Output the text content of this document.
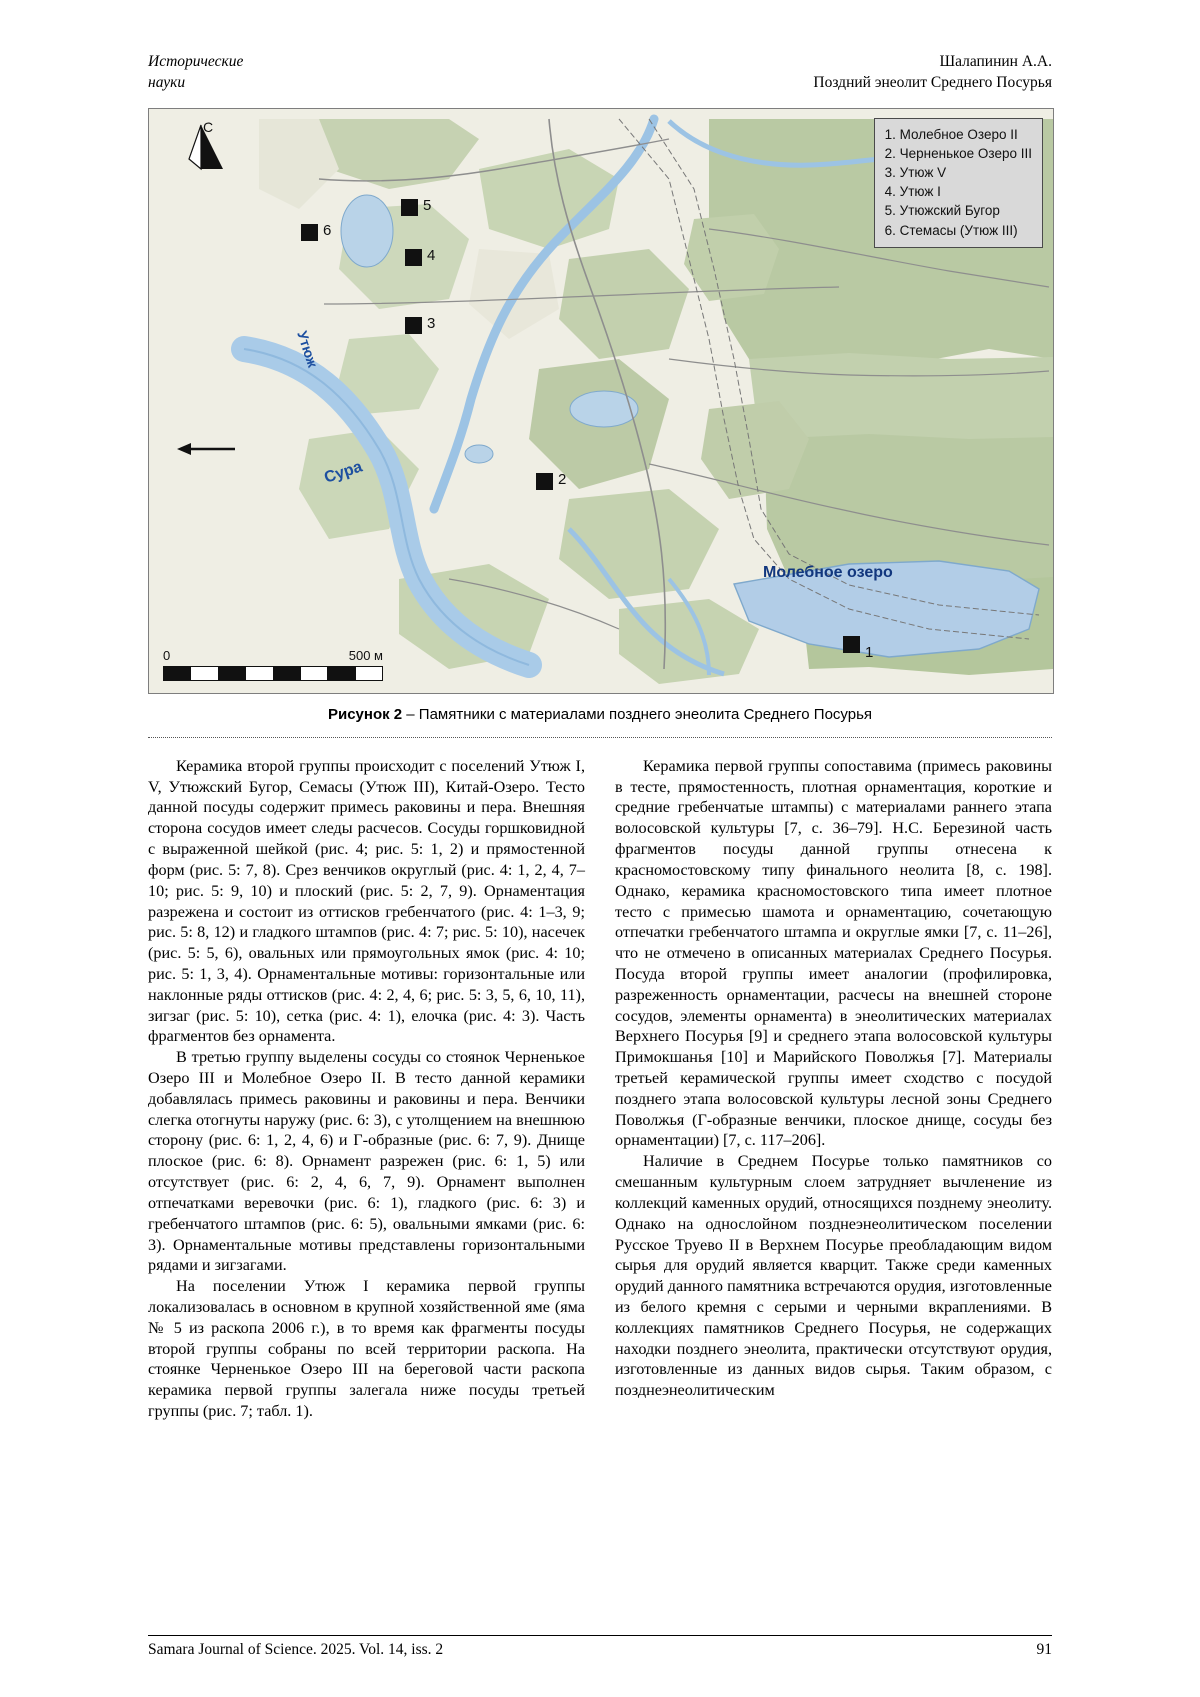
Исторические
науки
Шалапинин А.А.
Поздний энеолит Среднего Посурья
С	1. Молебное Озеро II
2. Черненькое Озеро III
3. Утюж V
4. Утюж I
5. Утюжский Бугор
6. Стемасы (Утюж III)
1
2
3
4
5
6
Утюж
Сура
Молебное озеро
0	500 м
Рисунок 2 – Памятники с материалами позднего энеолита Среднего Посурья

Керамика второй группы происходит с поселений Утюж I, V, Утюжский Бугор, Семасы (Утюж III), Китай-Озеро. Тесто данной посуды содержит примесь раковины и пера. Внешняя сторона сосудов имеет следы расчесов. Сосуды горшковидной с выраженной шейкой (рис. 4; рис. 5: 1, 2) и прямостенной форм (рис. 5: 7, 8). Срез венчиков округлый (рис. 4: 1, 2, 4, 7–10; рис. 5: 9, 10) и плоский (рис. 5: 2, 7, 9). Орнаментация разрежена и состоит из оттисков гребенчатого (рис. 4: 1–3, 9; рис. 5: 8, 12) и гладкого штампов (рис. 4: 7; рис. 5: 10), насечек (рис. 5: 5, 6), овальных или прямоугольных ямок (рис. 4: 10; рис. 5: 1, 3, 4). Орнаментальные мотивы: горизонтальные или наклонные ряды оттисков (рис. 4: 2, 4, 6; рис. 5: 3, 5, 6, 10, 11), зигзаг (рис. 5: 10), сетка (рис. 4: 1), елочка (рис. 4: 3). Часть фрагментов без орнамента.

В третью группу выделены сосуды со стоянок Черненькое Озеро III и Молебное Озеро II. В тесто данной керамики добавлялась примесь раковины и раковины и пера. Венчики слегка отогнуты наружу (рис. 6: 3), с утолщением на внешнюю сторону (рис. 6: 1, 2, 4, 6) и Г-образные (рис. 6: 7, 9). Днище плоское (рис. 6: 8). Орнамент разрежен (рис. 6: 1, 5) или отсутствует (рис. 6: 2, 4, 6, 7, 9). Орнамент выполнен отпечатками веревочки (рис. 6: 1), гладкого (рис. 6: 3) и гребенчатого штампов (рис. 6: 5), овальными ямками (рис. 6: 3). Орнаментальные мотивы представлены горизонтальными рядами и зигзагами.

На поселении Утюж I керамика первой группы локализовалась в основном в крупной хозяйственной яме (яма № 5 из раскопа 2006 г.), в то время как фрагменты посуды второй группы собраны по всей территории раскопа. На стоянке Черненькое Озеро III на береговой части раскопа керамика первой группы залегала ниже посуды третьей группы (рис. 7; табл. 1).

Керамика первой группы сопоставима (примесь раковины в тесте, прямостенность, плотная орнаментация, короткие и средние гребенчатые штампы) с материалами раннего этапа волосовской культуры [7, с. 36–79]. Н.С. Березиной часть фрагментов посуды данной группы отнесена к красномостовскому типу финального неолита [8, с. 198]. Однако, керамика красномостовского типа имеет плотное тесто с примесью шамота и орнаментацию, сочетающую отпечатки гребенчатого штампа и округлые ямки [7, с. 11–26], что не отмечено в описанных материалах Среднего Посурья. Посуда второй группы имеет аналогии (профилировка, разреженность орнаментации, расчесы на внешней стороне сосудов, элементы орнамента) в энеолитических материалах Верхнего Посурья [9] и среднего этапа волосовской культуры Примокшанья [10] и Марийского Поволжья [7]. Материалы третьей керамической группы имеет сходство с посудой позднего этапа волосовской культуры лесной зоны Среднего Поволжья (Г-образные венчики, плоское днище, сосуды без орнаментации) [7, с. 117–206].

Наличие в Среднем Посурье только памятников со смешанным культурным слоем затрудняет вычленение из коллекций каменных орудий, относящихся позднему энеолиту. Однако на однослойном позднеэнеолитическом поселении Русское Труево II в Верхнем Посурье преобладающим видом сырья для орудий является кварцит. Также среди каменных орудий данного памятника встречаются орудия, изготовленные из белого кремня с серыми и черными вкраплениями. В коллекциях памятников Среднего Посурья, не содержащих находки позднего энеолита, практически отсутствуют орудия, изготовленные из данных видов сырья. Таким образом, с позднеэнеолитическим

Samara Journal of Science. 2025. Vol. 14, iss. 2	91
